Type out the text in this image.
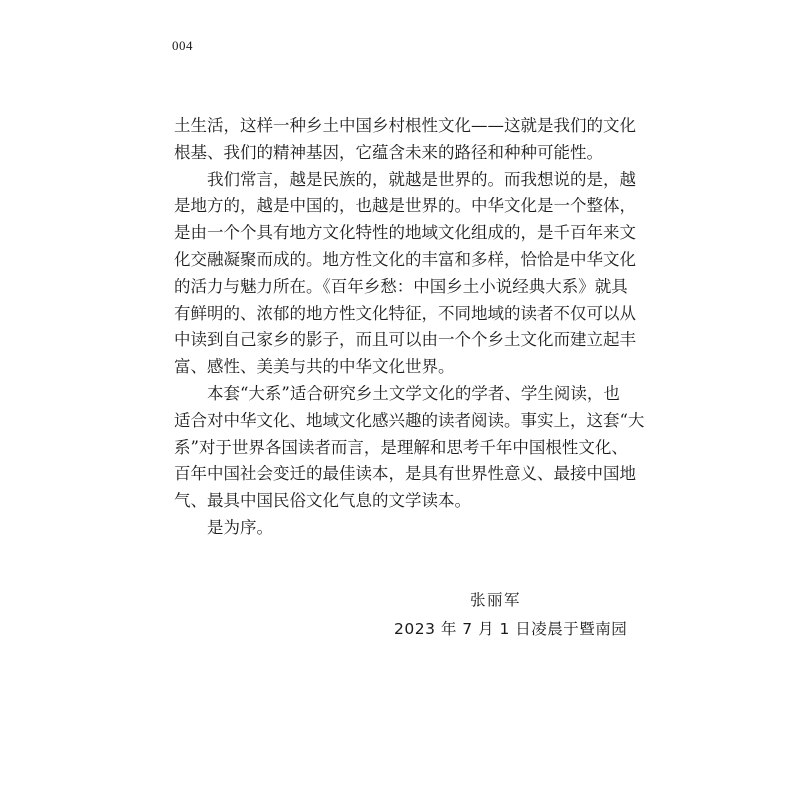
004
土生活，这样一种乡土中国乡村根性文化——这就是我们的文化
根基、我们的精神基因，它蕴含未来的路径和种种可能性。
我们常言，越是民族的，就越是世界的。而我想说的是，越
是地方的，越是中国的，也越是世界的。中华文化是一个整体，
是由一个个具有地方文化特性的地域文化组成的，是千百年来文
化交融凝聚而成的。地方性文化的丰富和多样，恰恰是中华文化
的活力与魅力所在。《百年乡愁：中国乡土小说经典大系》就具
有鲜明的、浓郁的地方性文化特征，不同地域的读者不仅可以从
中读到自己家乡的影子，而且可以由一个个乡土文化而建立起丰
富、感性、美美与共的中华文化世界。
本套“大系”适合研究乡土文学文化的学者、学生阅读，也
适合对中华文化、地域文化感兴趣的读者阅读。事实上，这套“大
系”对于世界各国读者而言，是理解和思考千年中国根性文化、
百年中国社会变迁的最佳读本，是具有世界性意义、最接中国地
气、最具中国民俗文化气息的文学读本。
是为序。
张丽军
2023 年 7 月 1 日凌晨于暨南园
